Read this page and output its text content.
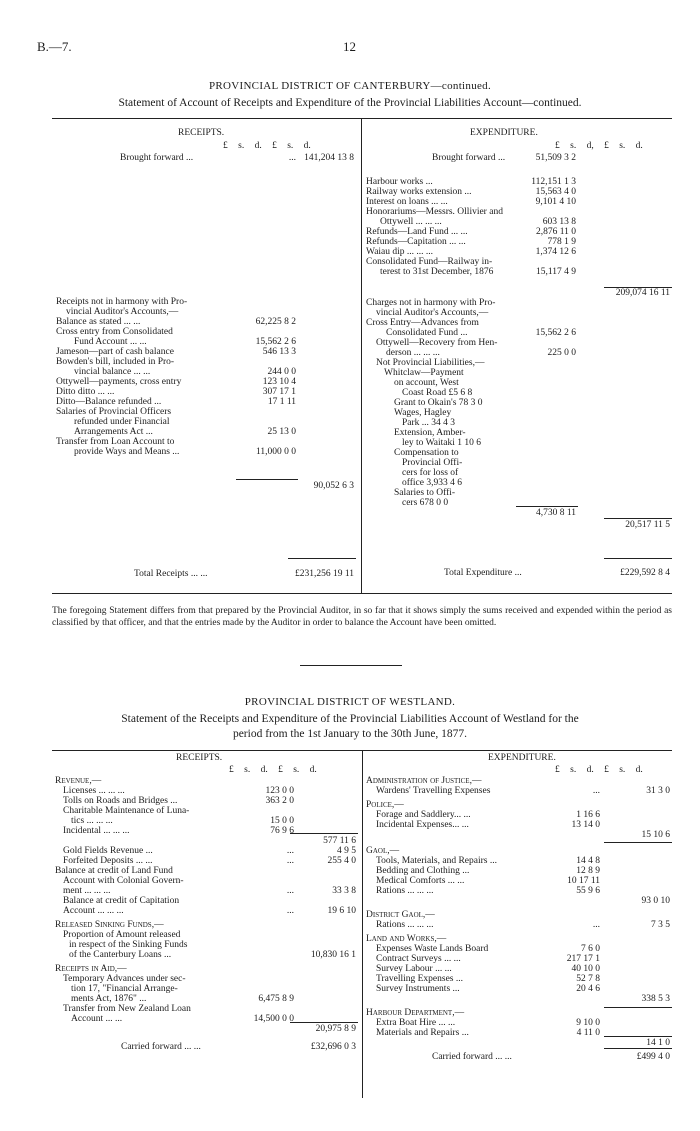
B.—7.	12
PROVINCIAL DISTRICT OF CANTERBURY—continued.
Statement of Account of Receipts and Expenditure of the Provincial Liabilities Account—continued.
RECEIPTS.
£ s. d. £ s. d.
EXPENDITURE.
£ s. d, £ s. d.
Brought forward ...	... 141,204 13 8
Receipts not in harmony with Pro-
vincial Auditor's Accounts,—
Balance as stated ... ...	62,225 8 2
Cross entry from Consolidated
Fund Account ... ...	15,562 2 6
Jameson—part of cash balance	546 13 3
Bowden's bill, included in Pro-
vincial balance ... ...	244 0 0
Ottywell—payments, cross entry	123 10 4
Ditto ditto ... ...	307 17 1
Ditto—Balance refunded ...	17 1 11
Salaries of Provincial Officers
refunded under Financial
Arrangements Act ...	25 13 0
Transfer from Loan Account to
provide Ways and Means ...	11,000 0 0
90,052 6 3
Total Receipts ... ...	£231,256 19 11
Brought forward ...	51,509 3 2
Harbour works ...	112,151 1 3
Railway works extension ...	15,563 4 0
Interest on loans ... ...	9,101 4 10
Honorariums—Messrs. Ollivier and
Ottywell ... ... ...	603 13 8
Refunds—Land Fund ... ...	2,876 11 0
Refunds—Capitation ... ...	778 1 9
Waiau dip ... ... ...	1,374 12 6
Consolidated Fund—Railway in-
terest to 31st December, 1876	15,117 4 9
209,074 16 11
Charges not in harmony with Pro-
vincial Auditor's Accounts,—
Cross Entry—Advances from
Consolidated Fund ...	15,562 2 6
Ottywell—Recovery from Hen-
derson ... ... ...	225 0 0
Not Provincial Liabilities,—
Whitclaw—Payment
on account, West
Coast Road £5 6 8
Grant to Okain's 78 3 0
Wages, Hagley
Park ... 34 4 3
Extension, Amber-
ley to Waitaki 1 10 6
Compensation to
Provincial Offi-
cers for loss of
office 3,933 4 6
Salaries to Offi-
cers 678 0 0
4,730 8 11
20,517 11 5
Total Expenditure ...	£229,592 8 4
The foregoing Statement differs from that prepared by the Provincial Auditor, in so far that it shows simply the sums received and expended within the period as classified by that officer, and that the entries made by the Auditor in order to balance the Account have been omitted.
PROVINCIAL DISTRICT OF WESTLAND.
Statement of the Receipts and Expenditure of the Provincial Liabilities Account of Westland for the
period from the 1st January to the 30th June, 1877.
RECEIPTS.
£ s. d. £ s. d.
EXPENDITURE.
£ s. d. £ s. d.
Revenue,—
Licenses ... ... ...	123 0 0
Tolls on Roads and Bridges ...	363 2 0
Charitable Maintenance of Luna-
tics ... ... ...	15 0 0
Incidental ... ... ...	76 9 6
577 11 6
Gold Fields Revenue ...	...	4 9 5
Forfeited Deposits ... ...	...	255 4 0
Balance at credit of Land Fund
Account with Colonial Govern-
ment ... ... ...	...	33 3 8
Balance at credit of Capitation
Account ... ... ...	...	19 6 10
Released Sinking Funds,—
Proportion of Amount released
in respect of the Sinking Funds
of the Canterbury Loans ...	10,830 16 1
Receipts in Aid,—
Temporary Advances under sec-
tion 17, "Financial Arrange-
ments Act, 1876" ...	6,475 8 9
Transfer from New Zealand Loan
Account ... ...	14,500 0 0
20,975 8 9
Carried forward ... ...	£32,696 0 3
Administration of Justice,—
Wardens' Travelling Expenses	...	31 3 0
Police,—
Forage and Saddlery... ...	1 16 6
Incidental Expenses... ...	13 14 0
15 10 6
Gaol,—
Tools, Materials, and Repairs ...	14 4 8
Bedding and Clothing ...	12 8 9
Medical Comforts ... ...	10 17 11
Rations ... ... ...	55 9 6
93 0 10
District Gaol,—
Rations ... ... ...	...	7 3 5
Land and Works,—
Expenses Waste Lands Board	7 6 0
Contract Surveys ... ...	217 17 1
Survey Labour ... ...	40 10 0
Travelling Expenses ...	52 7 8
Survey Instruments ...	20 4 6
338 5 3
Harbour Department,—
Extra Boat Hire ... ...	9 10 0
Materials and Repairs ...	4 11 0
14 1 0
Carried forward ... ...	£499 4 0
